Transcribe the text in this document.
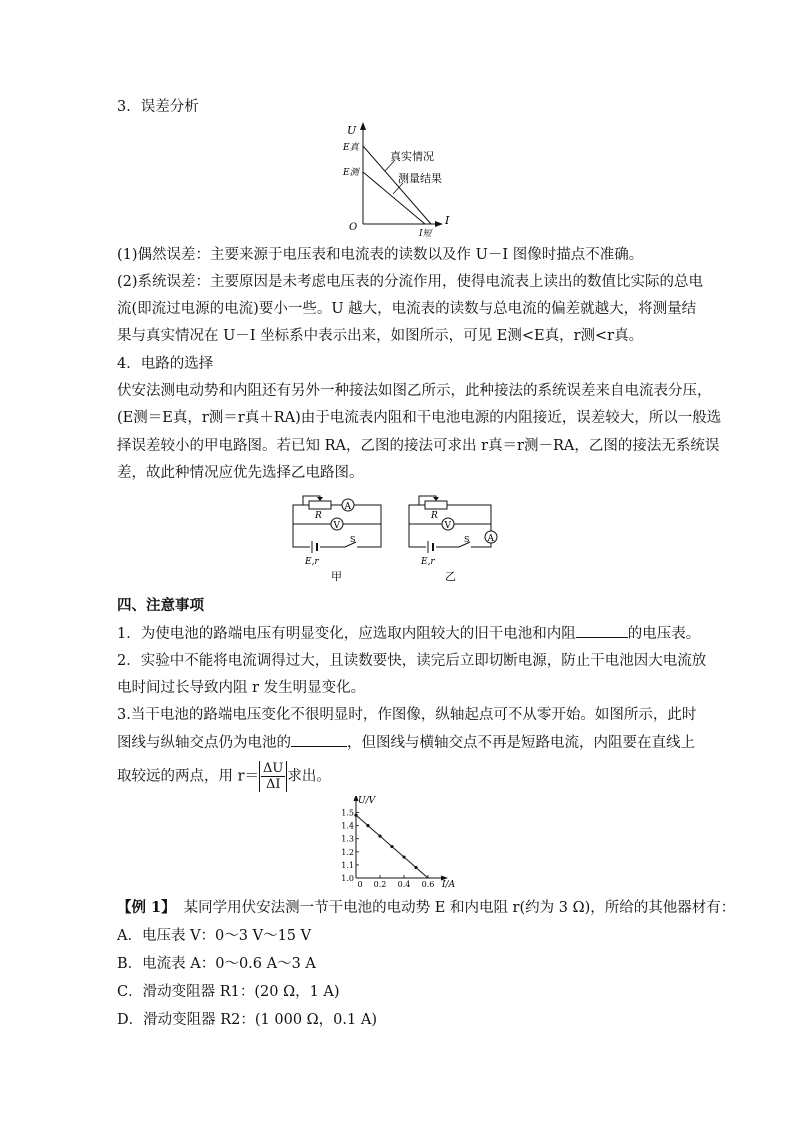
3．误差分析
U
I
O
E真
E测
I短
真实情况
测量结果
(1)偶然误差：主要来源于电压表和电流表的读数以及作 U－I 图像时描点不准确。
(2)系统误差：主要原因是未考虑电压表的分流作用，使得电流表上读出的数值比实际的总电
流(即流过电源的电流)要小一些。U 越大，电流表的读数与总电流的偏差就越大，将测量结
果与真实情况在 U－I 坐标系中表示出来，如图所示，可见 E测<E真，r测<r真。
4．电路的选择
伏安法测电动势和内阻还有另外一种接法如图乙所示，此种接法的系统误差来自电流表分压，
(E测＝E真，r测＝r真＋RA)由于电流表内阻和干电池电源的内阻接近，误差较大，所以一般选
择误差较小的甲电路图。若已知 RA，乙图的接法可求出 r真＝r测－RA，乙图的接法无系统误
差，故此种情况应优先选择乙电路图。
A
V
R
S
E,r
甲
V
A
R
S
E,r
乙
四、注意事项
1．为使电池的路端电压有明显变化，应选取内阻较大的旧干电池和内阻	的电压表。
2．实验中不能将电流调得过大，且读数要快，读完后立即切断电源，防止干电池因大电流放
电时间过长导致内阻 r 发生明显变化。
3.当干电池的路端电压变化不很明显时，作图像，纵轴起点可不从零开始。如图所示，此时
图线与纵轴交点仍为电池的	，但图线与横轴交点不再是短路电流，内阻要在直线上
取较远的两点，用 $r= \frac{\Delta U}{\Delta I}$ 求出。
1.0
1.1
1.2
1.3
1.4
1.5
0 0.2 0.4 0.6
U/V
I/A
【例 1】 某同学用伏安法测一节干电池的电动势 E 和内电阻 r(约为 3 Ω)，所给的其他器材有：
A．电压表 V：0～3 V～15 V
B．电流表 A：0～0.6 A～3 A
C．滑动变阻器 R1：(20 Ω，1 A)
D．滑动变阻器 R2：(1 000 Ω，0.1 A)
